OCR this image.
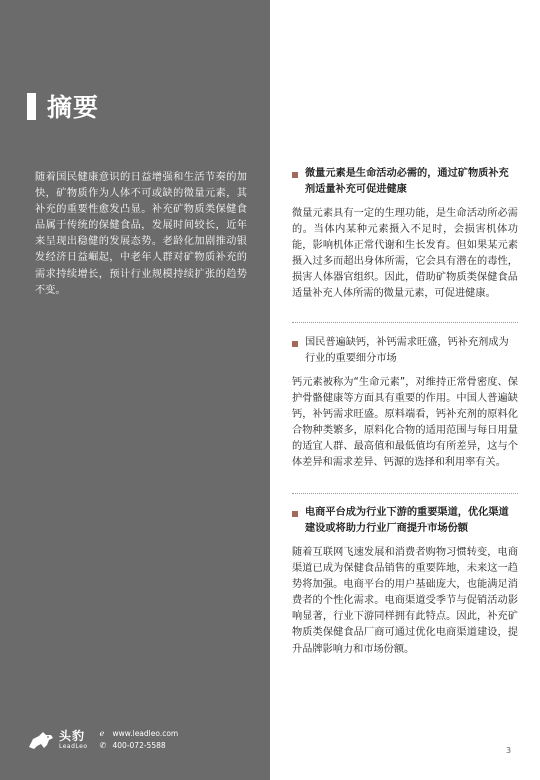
摘要
随着国民健康意识的日益增强和生活节奏的加快，矿物质作为人体不可或缺的微量元素，其补充的重要性愈发凸显。补充矿物质类保健食品属于传统的保健食品，发展时间较长，近年来呈现出稳健的发展态势。老龄化加剧推动银发经济日益崛起，中老年人群对矿物质补充的需求持续增长，预计行业规模持续扩张的趋势不变。
头豹
LeadLeo
ℯ	www.leadleo.com
✆ 400-072-5588
微量元素是生命活动必需的，通过矿物质补充剂适量补充可促进健康
微量元素具有一定的生理功能，是生命活动所必需的。当体内某种元素摄入不足时，会损害机体功能，影响机体正常代谢和生长发育。但如果某元素摄入过多而超出身体所需，它会具有潜在的毒性，损害人体器官组织。因此，借助矿物质类保健食品适量补充人体所需的微量元素，可促进健康。
国民普遍缺钙，补钙需求旺盛，钙补充剂成为行业的重要细分市场
钙元素被称为“生命元素”，对维持正常骨密度、保护骨骼健康等方面具有重要的作用。中国人普遍缺钙，补钙需求旺盛。原料端看，钙补充剂的原料化合物种类繁多，原料化合物的适用范围与每日用量的适宜人群、最高值和最低值均有所差异，这与个体差异和需求差异、钙源的选择和利用率有关。
电商平台成为行业下游的重要渠道，优化渠道建设或将助力行业厂商提升市场份额
随着互联网飞速发展和消费者购物习惯转变，电商渠道已成为保健食品销售的重要阵地，未来这一趋势将加强。电商平台的用户基础庞大，也能满足消费者的个性化需求。电商渠道受季节与促销活动影响显著，行业下游同样拥有此特点。因此，补充矿物质类保健食品厂商可通过优化电商渠道建设，提升品牌影响力和市场份额。
3
